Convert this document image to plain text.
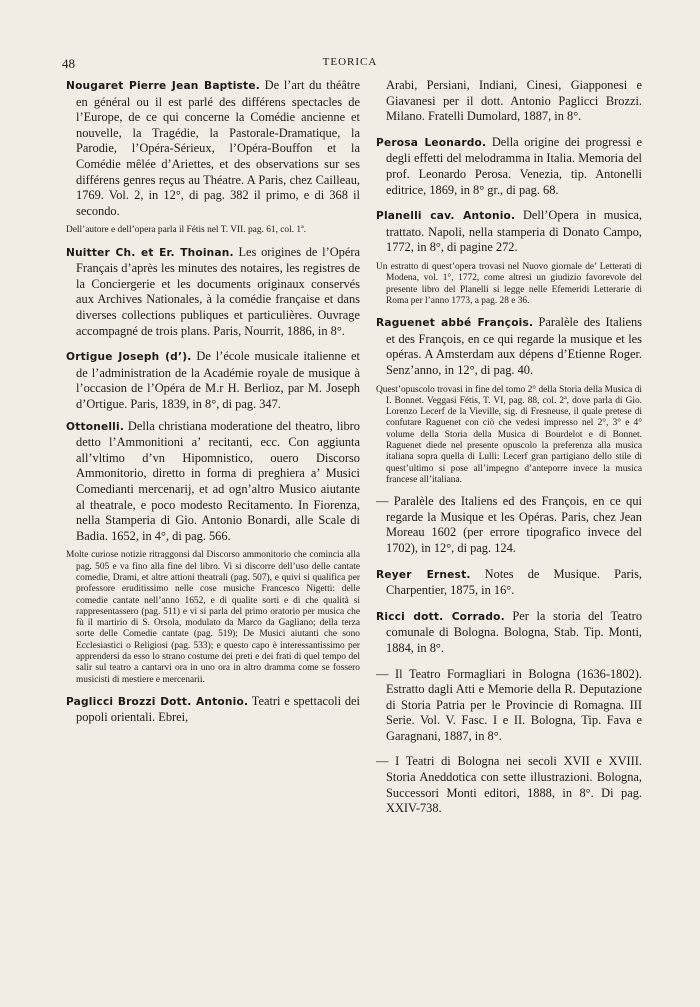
48	TEORICA
Nougaret Pierre Jean Baptiste. De l’art du théâtre en général ou il est parlé des différens spectacles de l’Europe, de ce qui concerne la Comédie ancienne et nouvelle, la Tragédie, la Pastorale-Dramatique, la Parodie, l’Opéra-Sérieux, l’Opéra-Bouffon et la Comédie mêlée d’Ariettes, et des observations sur ses différens genres reçus au Théatre. A Paris, chez Cailleau, 1769. Vol. 2, in 12°, di pag. 382 il primo, e di 368 il secondo.
Dell’autore e dell’opera parla il Fétis nel T. VII. pag. 61, col. 1ª.
Nuitter Ch. et Er. Thoinan. Les origines de l’Opéra Français d’après les minutes des notaires, les registres de la Conciergerie et les documents originaux conservés aux Archives Nationales, à la comédie française et dans diverses collections publiques et particulières. Ouvrage accompagné de trois plans. Paris, Nourrit, 1886, in 8°.
Ortigue Joseph (d’). De l’école musicale italienne et de l’administration de la Académie royale de musique à l’occasion de l’Opéra de M.r H. Berlioz, par M. Joseph d’Ortigue. Paris, 1839, in 8°, di pag. 347.
Ottonelli. Della christiana moderatione del theatro, libro detto l’Ammonitioni a’ recitanti, ecc. Con aggiunta all’vltimo d’vn Hipomnistico, ouero Discorso Ammonitorio, diretto in forma di preghiera a’ Musici Comedianti mercenarij, et ad ogn’altro Musico aiutante al theatrale, e poco modesto Recitamento. In Fiorenza, nella Stamperia di Gio. Antonio Bonardi, alle Scale di Badia. 1652, in 4°, di pag. 566.
Molte curiose notizie ritraggonsi dal Discorso ammonitorio che comincia alla pag. 505 e va fino alla fine del libro. Vi si discorre dell’uso delle cantate comedie, Drami, et altre attioni theatrali (pag. 507), e quivi si qualifica per professore eruditissimo nelle cose musiche Francesco Nigetti: delle comedie cantate nell’anno 1652, e di qualite sorti e di che qualità si rappresentassero (pag. 511) e vi si parla del primo oratorio per musica che fù il martirio di S. Orsola, modulato da Marco da Gagliano; della terza sorte delle Comedie cantate (pag. 519); De Musici aiutanti che sono Ecclesiastici o Religiosi (pag. 533); e questo capo è interessantissimo per apprendersi da esso lo strano costume dei preti e dei frati di quel tempo del salir sul teatro a cantarvi ora in uno ora in altro dramma come se fossero musicisti di mestiere e mercenarii.
Paglicci Brozzi Dott. Antonio. Teatri e spettacoli dei popoli orientali. Ebrei,
Arabi, Persiani, Indiani, Cinesi, Giapponesi e Giavanesi per il dott. Antonio Paglicci Brozzi. Milano. Fratelli Dumolard, 1887, in 8°.
Perosa Leonardo. Della origine dei progressi e degli effetti del melodramma in Italia. Memoria del prof. Leonardo Perosa. Venezia, tip. Antonelli editrice, 1869, in 8° gr., di pag. 68.
Planelli cav. Antonio. Dell’Opera in musica, trattato. Napoli, nella stamperia di Donato Campo, 1772, in 8°, di pagine 272.
Un estratto di quest’opera trovasi nel Nuovo giornale de’ Letterati di Modena, vol. 1°, 1772, come altresì un giudizio favorevole del presente libro del Planelli si legge nelle Efemeridi Letterarie di Roma per l’anno 1773, a pag. 28 e 36.
Raguenet abbé François. Paralèle des Italiens et des François, en ce qui regarde la musique et les opéras. A Amsterdam aux dépens d’Etienne Roger. Senz’anno, in 12°, di pag. 40.
Quest’opuscolo trovasi in fine del tomo 2° della Storia della Musica di I. Bonnet. Veggasi Fétis, T. VI, pag. 88, col. 2ª, dove parla di Gio. Lorenzo Lecerf de la Vieville, sig. di Fresneuse, il quale pretese di confutare Raguenet con ciò che vedesi impresso nel 2°, 3° e 4° volume della Storia della Musica di Bourdelot e di Bonnet. Raguenet diede nel presente opuscolo la preferenza alla musica italiana sopra quella di Lulli: Lecerf gran partigiano dello stile di quest’ultimo si pose all’impegno d’anteporre invece la musica francese all’italiana.
— Paralèle des Italiens ed des François, en ce qui regarde la Musique et les Opéras. Paris, chez Jean Moreau 1602 (per errore tipografico invece del 1702), in 12°, di pag. 124.
Reyer Ernest. Notes de Musique. Paris, Charpentier, 1875, in 16°.
Ricci dott. Corrado. Per la storia del Teatro comunale di Bologna. Bologna, Stab. Tip. Monti, 1884, in 8°.
— Il Teatro Formagliari in Bologna (1636-1802). Estratto dagli Atti e Memorie della R. Deputazione di Storia Patria per le Provincie di Romagna. III Serie. Vol. V. Fasc. I e II. Bologna, Tip. Fava e Garagnani, 1887, in 8°.
— I Teatri di Bologna nei secoli XVII e XVIII. Storia Aneddotica con sette illustrazioni. Bologna, Successori Monti editori, 1888, in 8°. Di pag. XXIV-738.
